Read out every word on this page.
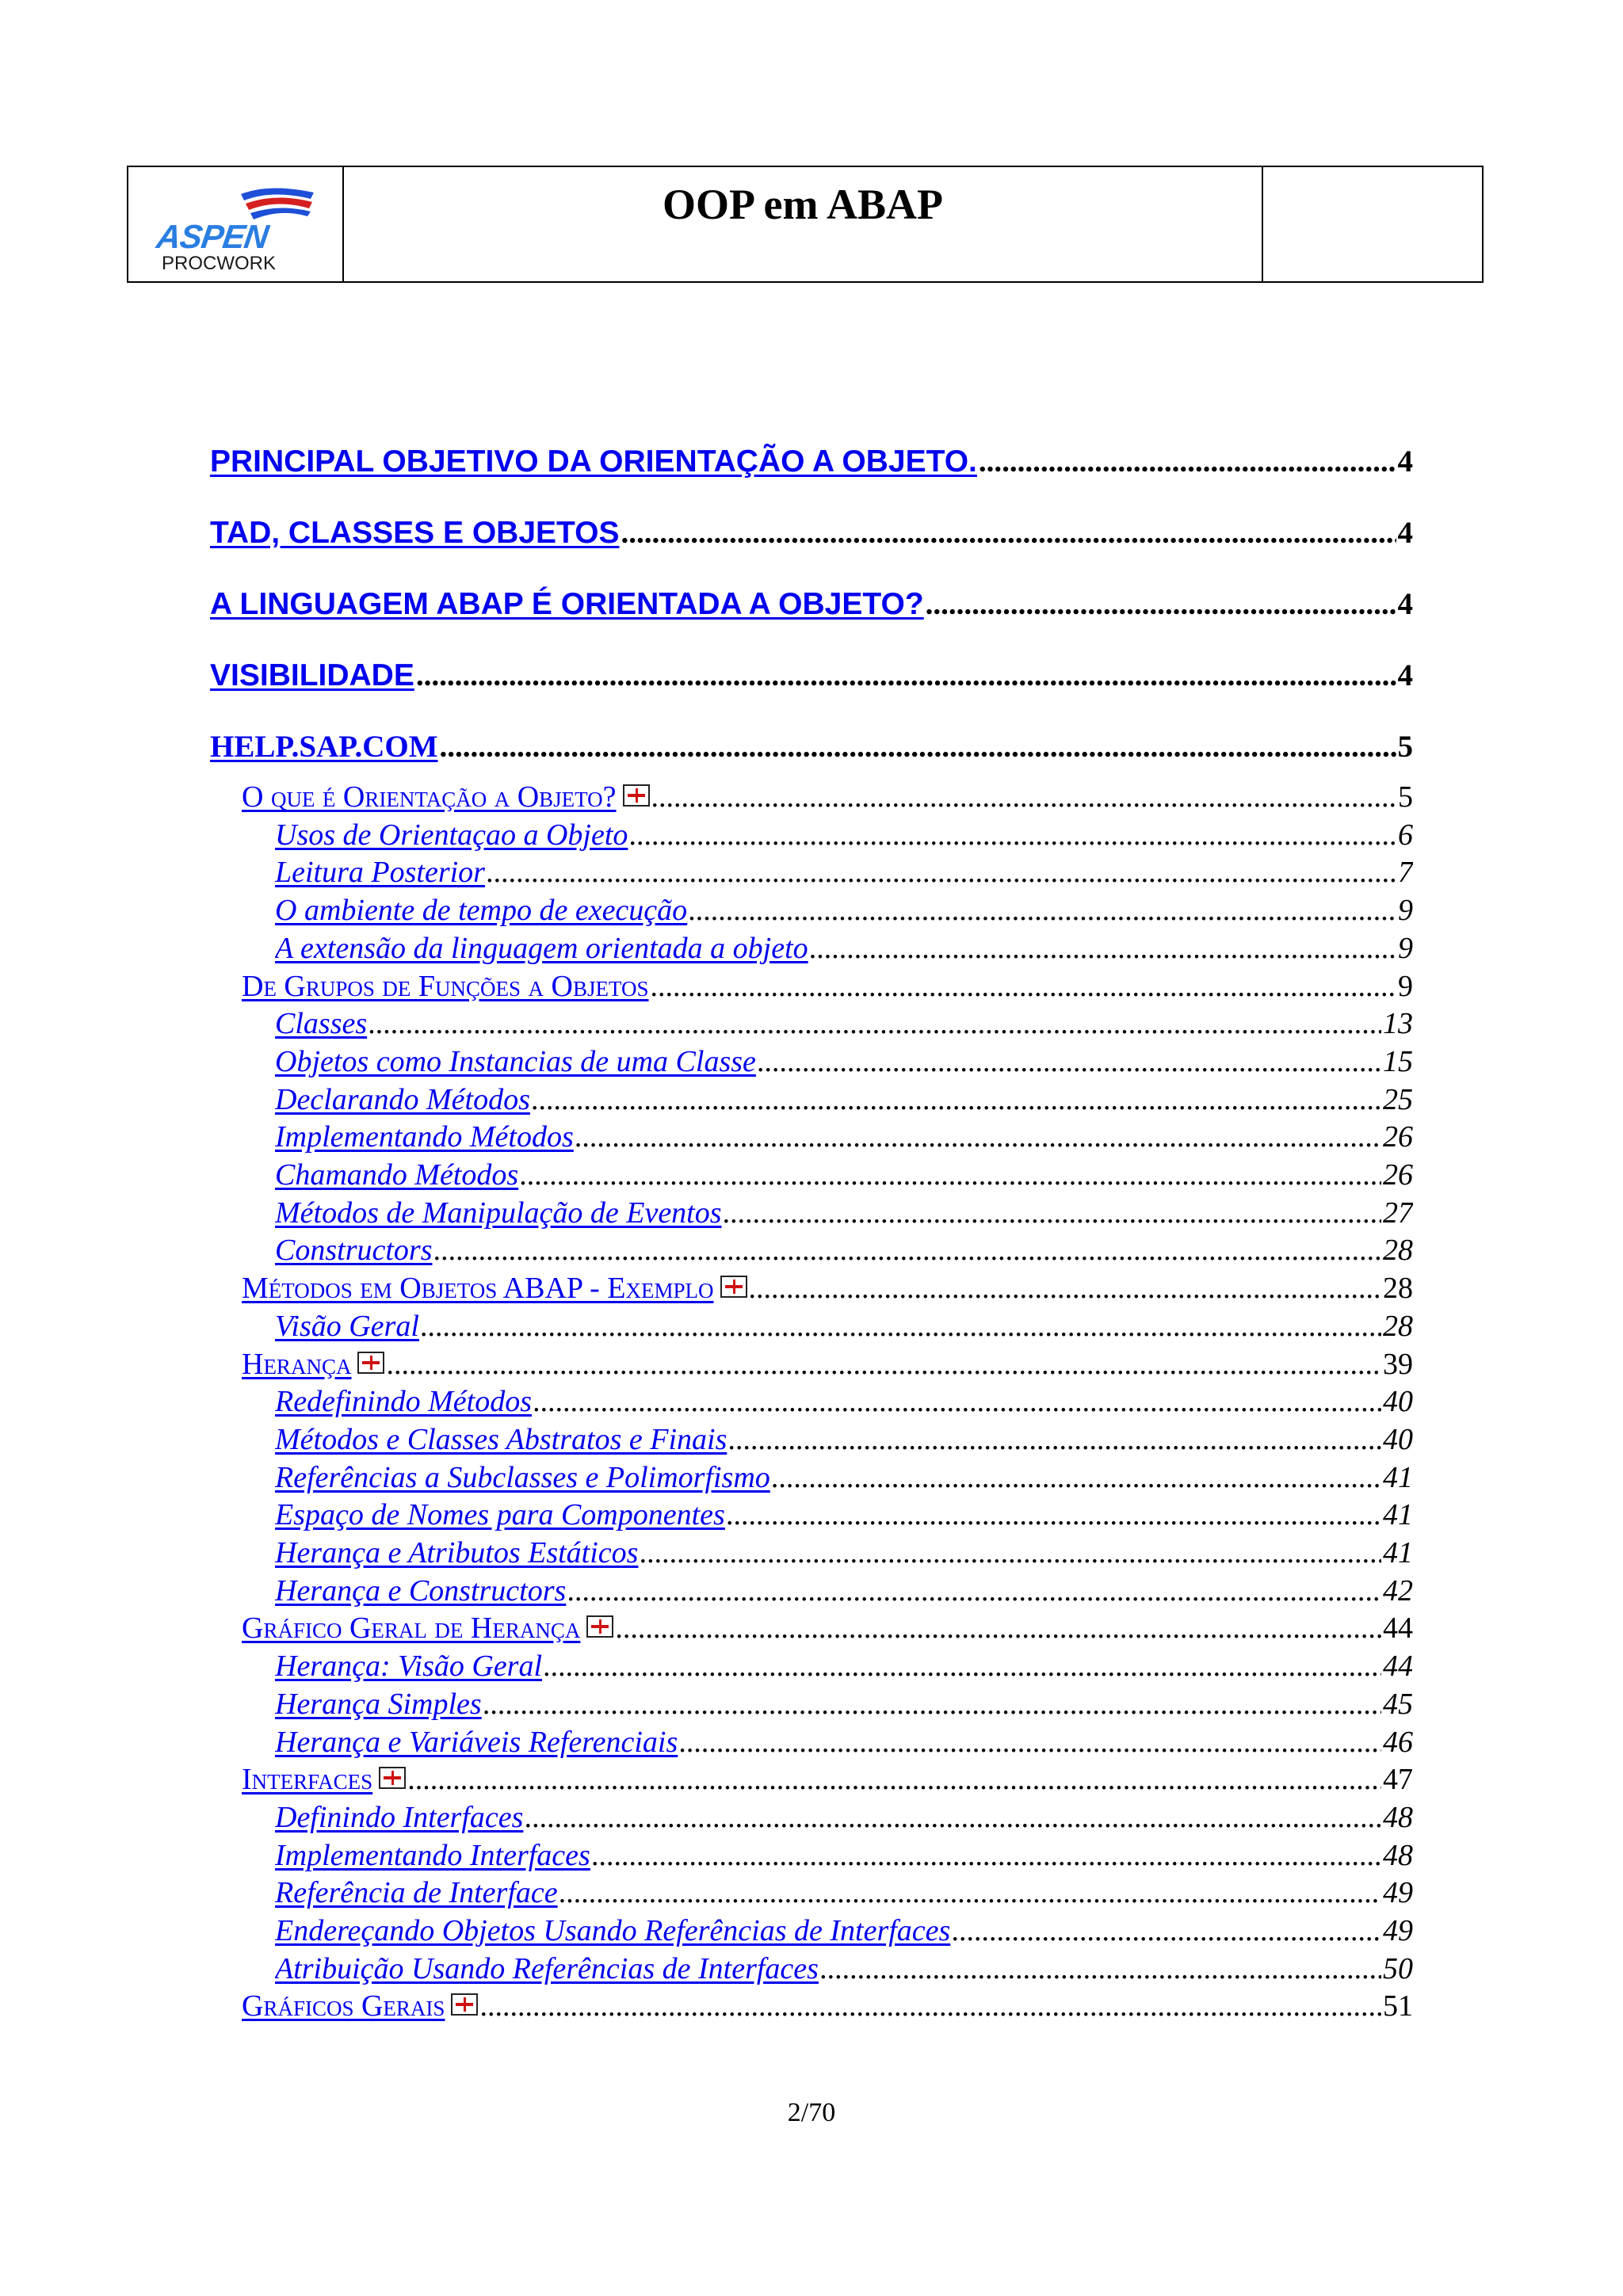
ASPEN
PROCWORK
OOP em ABAP
PRINCIPAL OBJETIVO DA ORIENTAÇÃO A OBJETO. .....	4
TAD, CLASSES E OBJETOS .....	4
A LINGUAGEM ABAP É ORIENTADA A OBJETO? .....	4
VISIBILIDADE .....	4
HELP.SAP.COM .....	5
O que é Orientação a Objeto? .....	5
Usos de Orientaçao a Objeto .....	6
Leitura Posterior .....	7
O ambiente de tempo de execução .....	9
A extensão da linguagem orientada a objeto .....	9
De Grupos de Funções a Objetos .....	9
Classes .....	13
Objetos como Instancias de uma Classe .....	15
Declarando Métodos .....	25
Implementando Métodos .....	26
Chamando Métodos .....	26
Métodos de Manipulação de Eventos .....	27
Constructors .....	28
Métodos em Objetos ABAP - Exemplo .....	28
Visão Geral .....	28
Herança .....	39
Redefinindo Métodos .....	40
Métodos e Classes Abstratos e Finais .....	40
Referências a Subclasses e Polimorfismo .....	41
Espaço de Nomes para Componentes .....	41
Herança e Atributos Estáticos .....	41
Herança e Constructors .....	42
Gráfico Geral de Herança .....	44
Herança: Visão Geral .....	44
Herança Simples .....	45
Herança e Variáveis Referenciais .....	46
Interfaces .....	47
Definindo Interfaces .....	48
Implementando Interfaces .....	48
Referência de Interface .....	49
Endereçando Objetos Usando Referências de Interfaces .....	49
Atribuição Usando Referências de Interfaces .....	50
Gráficos Gerais .....	51
2/70
